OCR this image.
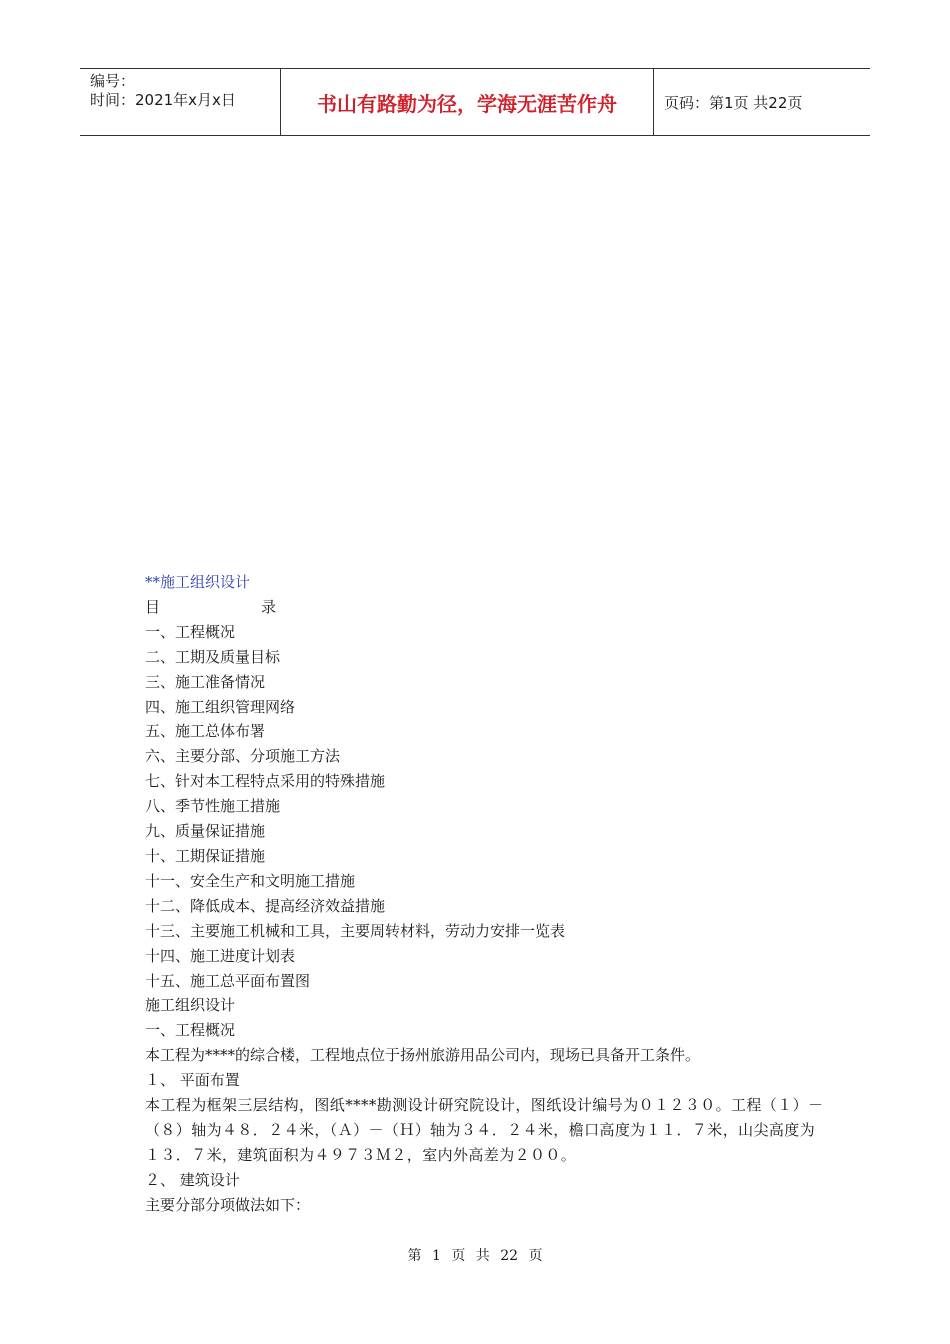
编号：
时间：2021年x月x日	书山有路勤为径，学海无涯苦作舟	页码：第1页 共22页

**施工组织设计

目	录

一、工程概况

二、工期及质量目标

三、施工准备情况

四、施工组织管理网络

五、施工总体布署

六、主要分部、分项施工方法

七、针对本工程特点采用的特殊措施

八、季节性施工措施

九、质量保证措施

十、工期保证措施

十一、安全生产和文明施工措施

十二、降低成本、提高经济效益措施

十三、主要施工机械和工具，主要周转材料，劳动力安排一览表

十四、施工进度计划表

十五、施工总平面布置图

施工组织设计

一、工程概况

本工程为****的综合楼，工程地点位于扬州旅游用品公司内，现场已具备开工条件。

１、 平面布置

本工程为框架三层结构，图纸****勘测设计研究院设计，图纸设计编号为０１２３０。工程（１）－（８）轴为４８．２４米，（Ａ）－（Ｈ）轴为３４．２４米，檐口高度为１１．７米，山尖高度为１３．７米，建筑面积为４９７３Ｍ２，室内外高差为２００。

２、 建筑设计

主要分部分项做法如下：

第 1 页 共 22 页
